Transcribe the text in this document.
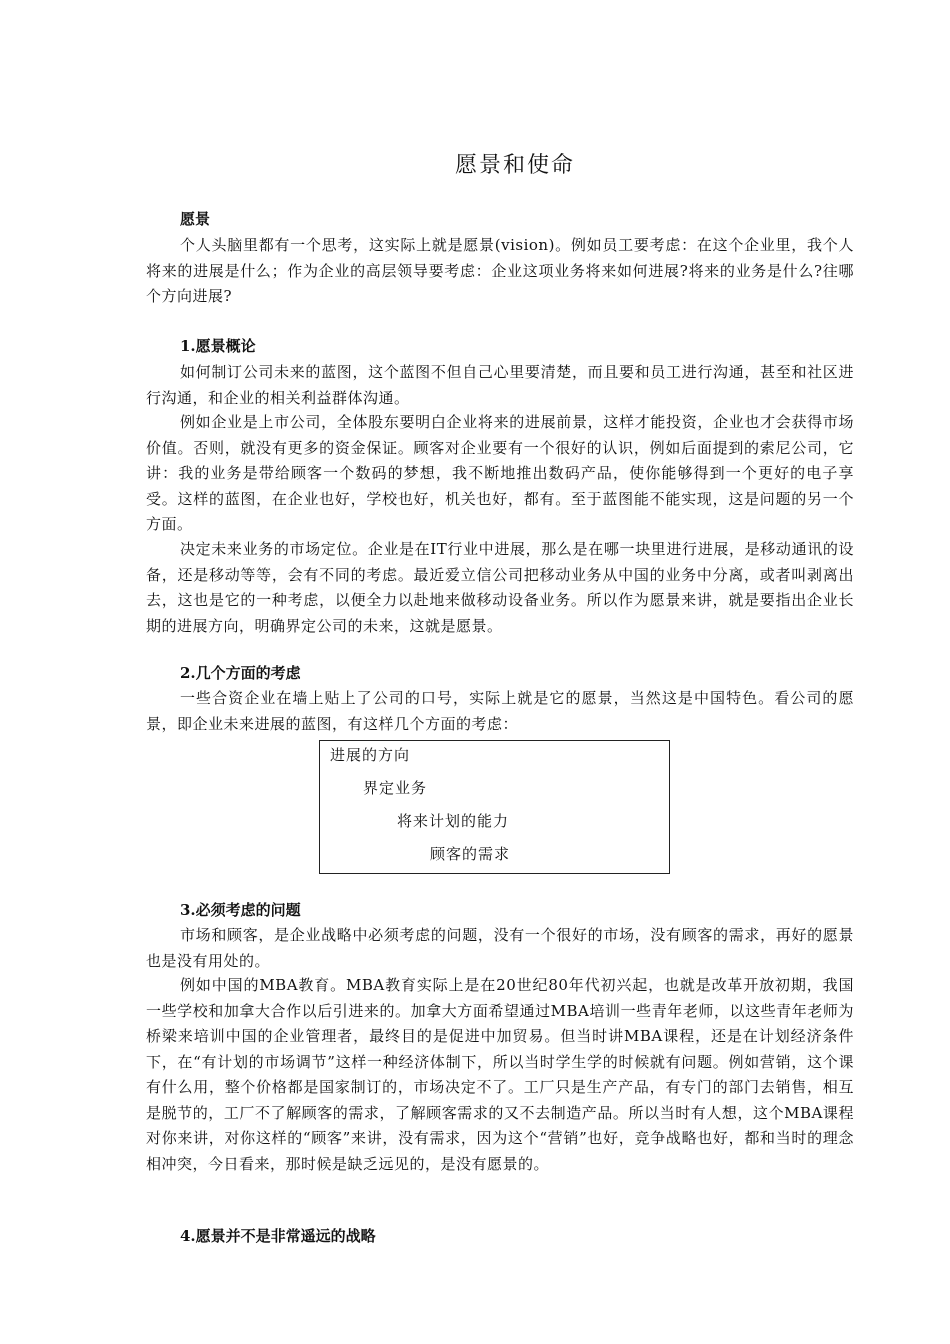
愿景和使命
愿景

个人头脑里都有一个思考，这实际上就是愿景(vision)。例如员工要考虑：在这个企业里，我个人将来的进展是什么；作为企业的高层领导要考虑：企业这项业务将来如何进展?将来的业务是什么?往哪个方向进展?

1.愿景概论

如何制订公司未来的蓝图，这个蓝图不但自己心里要清楚，而且要和员工进行沟通，甚至和社区进行沟通，和企业的相关利益群体沟通。

例如企业是上市公司，全体股东要明白企业将来的进展前景，这样才能投资，企业也才会获得市场价值。否则，就没有更多的资金保证。顾客对企业要有一个很好的认识，例如后面提到的索尼公司，它讲：我的业务是带给顾客一个数码的梦想，我不断地推出数码产品，使你能够得到一个更好的电子享受。这样的蓝图，在企业也好，学校也好，机关也好，都有。至于蓝图能不能实现，这是问题的另一个方面。

决定未来业务的市场定位。企业是在IT行业中进展，那么是在哪一块里进行进展，是移动通讯的设备，还是移动等等，会有不同的考虑。最近爱立信公司把移动业务从中国的业务中分离，或者叫剥离出去，这也是它的一种考虑，以便全力以赴地来做移动设备业务。所以作为愿景来讲，就是要指出企业长期的进展方向，明确界定公司的未来，这就是愿景。

2.几个方面的考虑

一些合资企业在墙上贴上了公司的口号，实际上就是它的愿景，当然这是中国特色。看公司的愿景，即企业未来进展的蓝图，有这样几个方面的考虑：

进展的方向
界定业务
将来计划的能力
顾客的需求
3.必须考虑的问题

市场和顾客，是企业战略中必须考虑的问题，没有一个很好的市场，没有顾客的需求，再好的愿景也是没有用处的。

例如中国的MBA教育。MBA教育实际上是在20世纪80年代初兴起，也就是改革开放初期，我国一些学校和加拿大合作以后引进来的。加拿大方面希望通过MBA培训一些青年老师，以这些青年老师为桥梁来培训中国的企业管理者，最终目的是促进中加贸易。但当时讲MBA课程，还是在计划经济条件下，在“有计划的市场调节”这样一种经济体制下，所以当时学生学的时候就有问题。例如营销，这个课有什么用，整个价格都是国家制订的，市场决定不了。工厂只是生产产品，有专门的部门去销售，相互是脱节的，工厂不了解顾客的需求，了解顾客需求的又不去制造产品。所以当时有人想，这个MBA课程对你来讲，对你这样的“顾客”来讲，没有需求，因为这个“营销”也好，竞争战略也好，都和当时的理念相冲突，今日看来，那时候是缺乏远见的，是没有愿景的。

4.愿景并不是非常遥远的战略
